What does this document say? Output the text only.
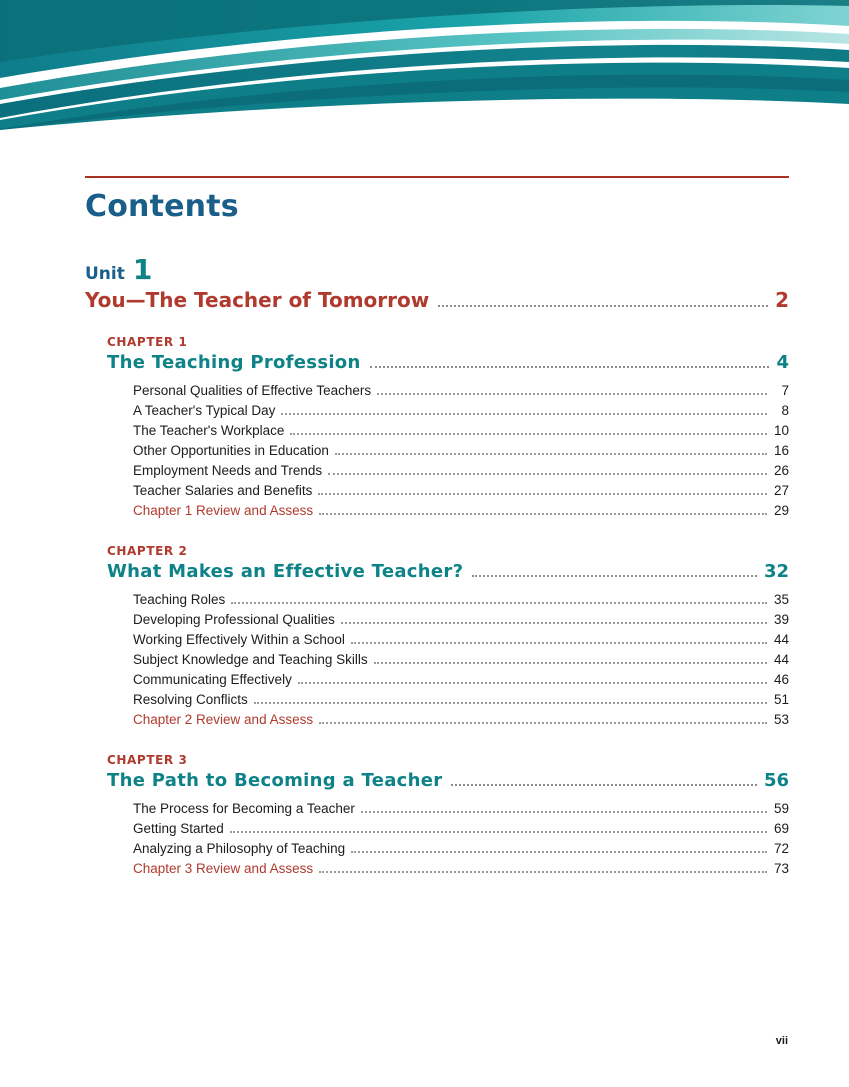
Contents
Unit 1
You—The Teacher of Tomorrow	2
CHAPTER 1
The Teaching Profession	4
Personal Qualities of Effective Teachers	7
A Teacher's Typical Day	8
The Teacher's Workplace	10
Other Opportunities in Education	16
Employment Needs and Trends	26
Teacher Salaries and Benefits	27
Chapter 1 Review and Assess	29
CHAPTER 2
What Makes an Effective Teacher?	32
Teaching Roles	35
Developing Professional Qualities	39
Working Effectively Within a School	44
Subject Knowledge and Teaching Skills	44
Communicating Effectively	46
Resolving Conflicts	51
Chapter 2 Review and Assess	53
CHAPTER 3
The Path to Becoming a Teacher	56
The Process for Becoming a Teacher	59
Getting Started	69
Analyzing a Philosophy of Teaching	72
Chapter 3 Review and Assess	73
vii
